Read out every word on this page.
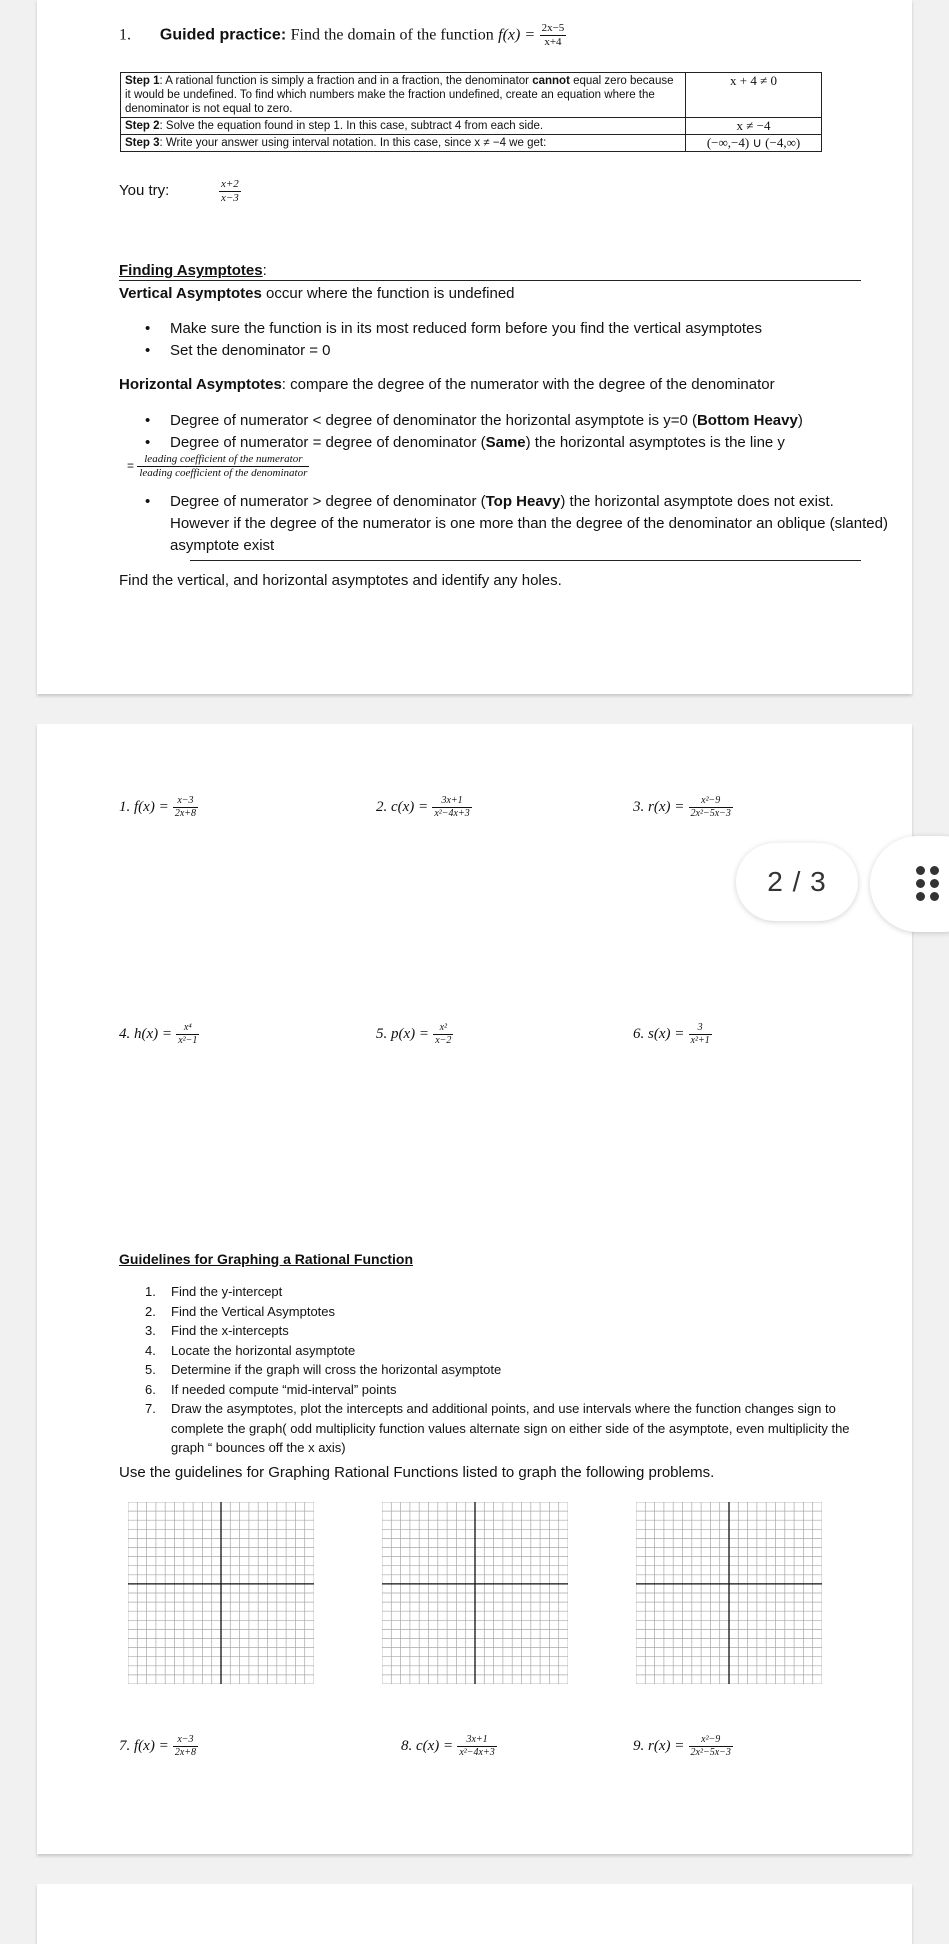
1. Guided practice: Find the domain of the function $f(x) = \frac{2x-5}{x+4}$
Step 1: A rational function is simply a fraction and in a fraction, the denominator cannot equal zero because it would be undefined. To find which numbers make the fraction undefined, create an equation where the denominator is not equal to zero.	x + 4 ≠ 0
Step 2: Solve the equation found in step 1. In this case, subtract 4 from each side.	x ≠ −4
Step 3: Write your answer using interval notation. In this case, since x ≠ −4 we get:	(−∞,−4) ∪ (−4,∞)
You try:	$\frac{x+2}{x-3}$
Finding Asymptotes:
Vertical Asymptotes occur where the function is undefined
• Make sure the function is in its most reduced form before you find the vertical asymptotes
• Set the denominator = 0
Horizontal Asymptotes: compare the degree of the numerator with the degree of the denominator
• Degree of numerator < degree of denominator the horizontal asymptote is y=0 (Bottom Heavy)
• Degree of numerator = degree of denominator (Same) the horizontal asymptotes is the line y
= $\frac{\text{leading coefficient of the numerator}}{\text{leading coefficient of the denominator}}$
• Degree of numerator > degree of denominator (Top Heavy) the horizontal asymptote does not exist. However if the degree of the numerator is one more than the degree of the denominator an oblique (slanted) asymptote exist
Find the vertical, and horizontal asymptotes and identify any holes.
1. $f(x) = \frac{x-3}{2x+8}$	2. $c(x) = \frac{3x+1}{\text{x²−4x+3}}$	3. $r(x) = \frac{\text{x²−9}}{\text{2x²−5x−3}}$
4. $h(x) = \frac{\text{x⁴}}{\text{x²−1}}$	5. $p(x) = \frac{\text{x²}}{x-2}$	6. $s(x) = \frac{3}{\text{x²+1}}$
Guidelines for Graphing a Rational Function
1. Find the y-intercept
2. Find the Vertical Asymptotes
3. Find the x-intercepts
4. Locate the horizontal asymptote
5. Determine if the graph will cross the horizontal asymptote
6. If needed compute “mid-interval” points
7. Draw the asymptotes, plot the intercepts and additional points, and use intervals where the function changes sign to complete the graph( odd multiplicity function values alternate sign on either side of the asymptote, even multiplicity the graph “ bounces off the x axis)
Use the guidelines for Graphing Rational Functions listed to graph the following problems.
7. $f(x) = \frac{x-3}{2x+8}$	8. $c(x) = \frac{3x+1}{\text{x²−4x+3}}$	9. $r(x) = \frac{\text{x²−9}}{\text{2x²−5x−3}}$
2 / 3
